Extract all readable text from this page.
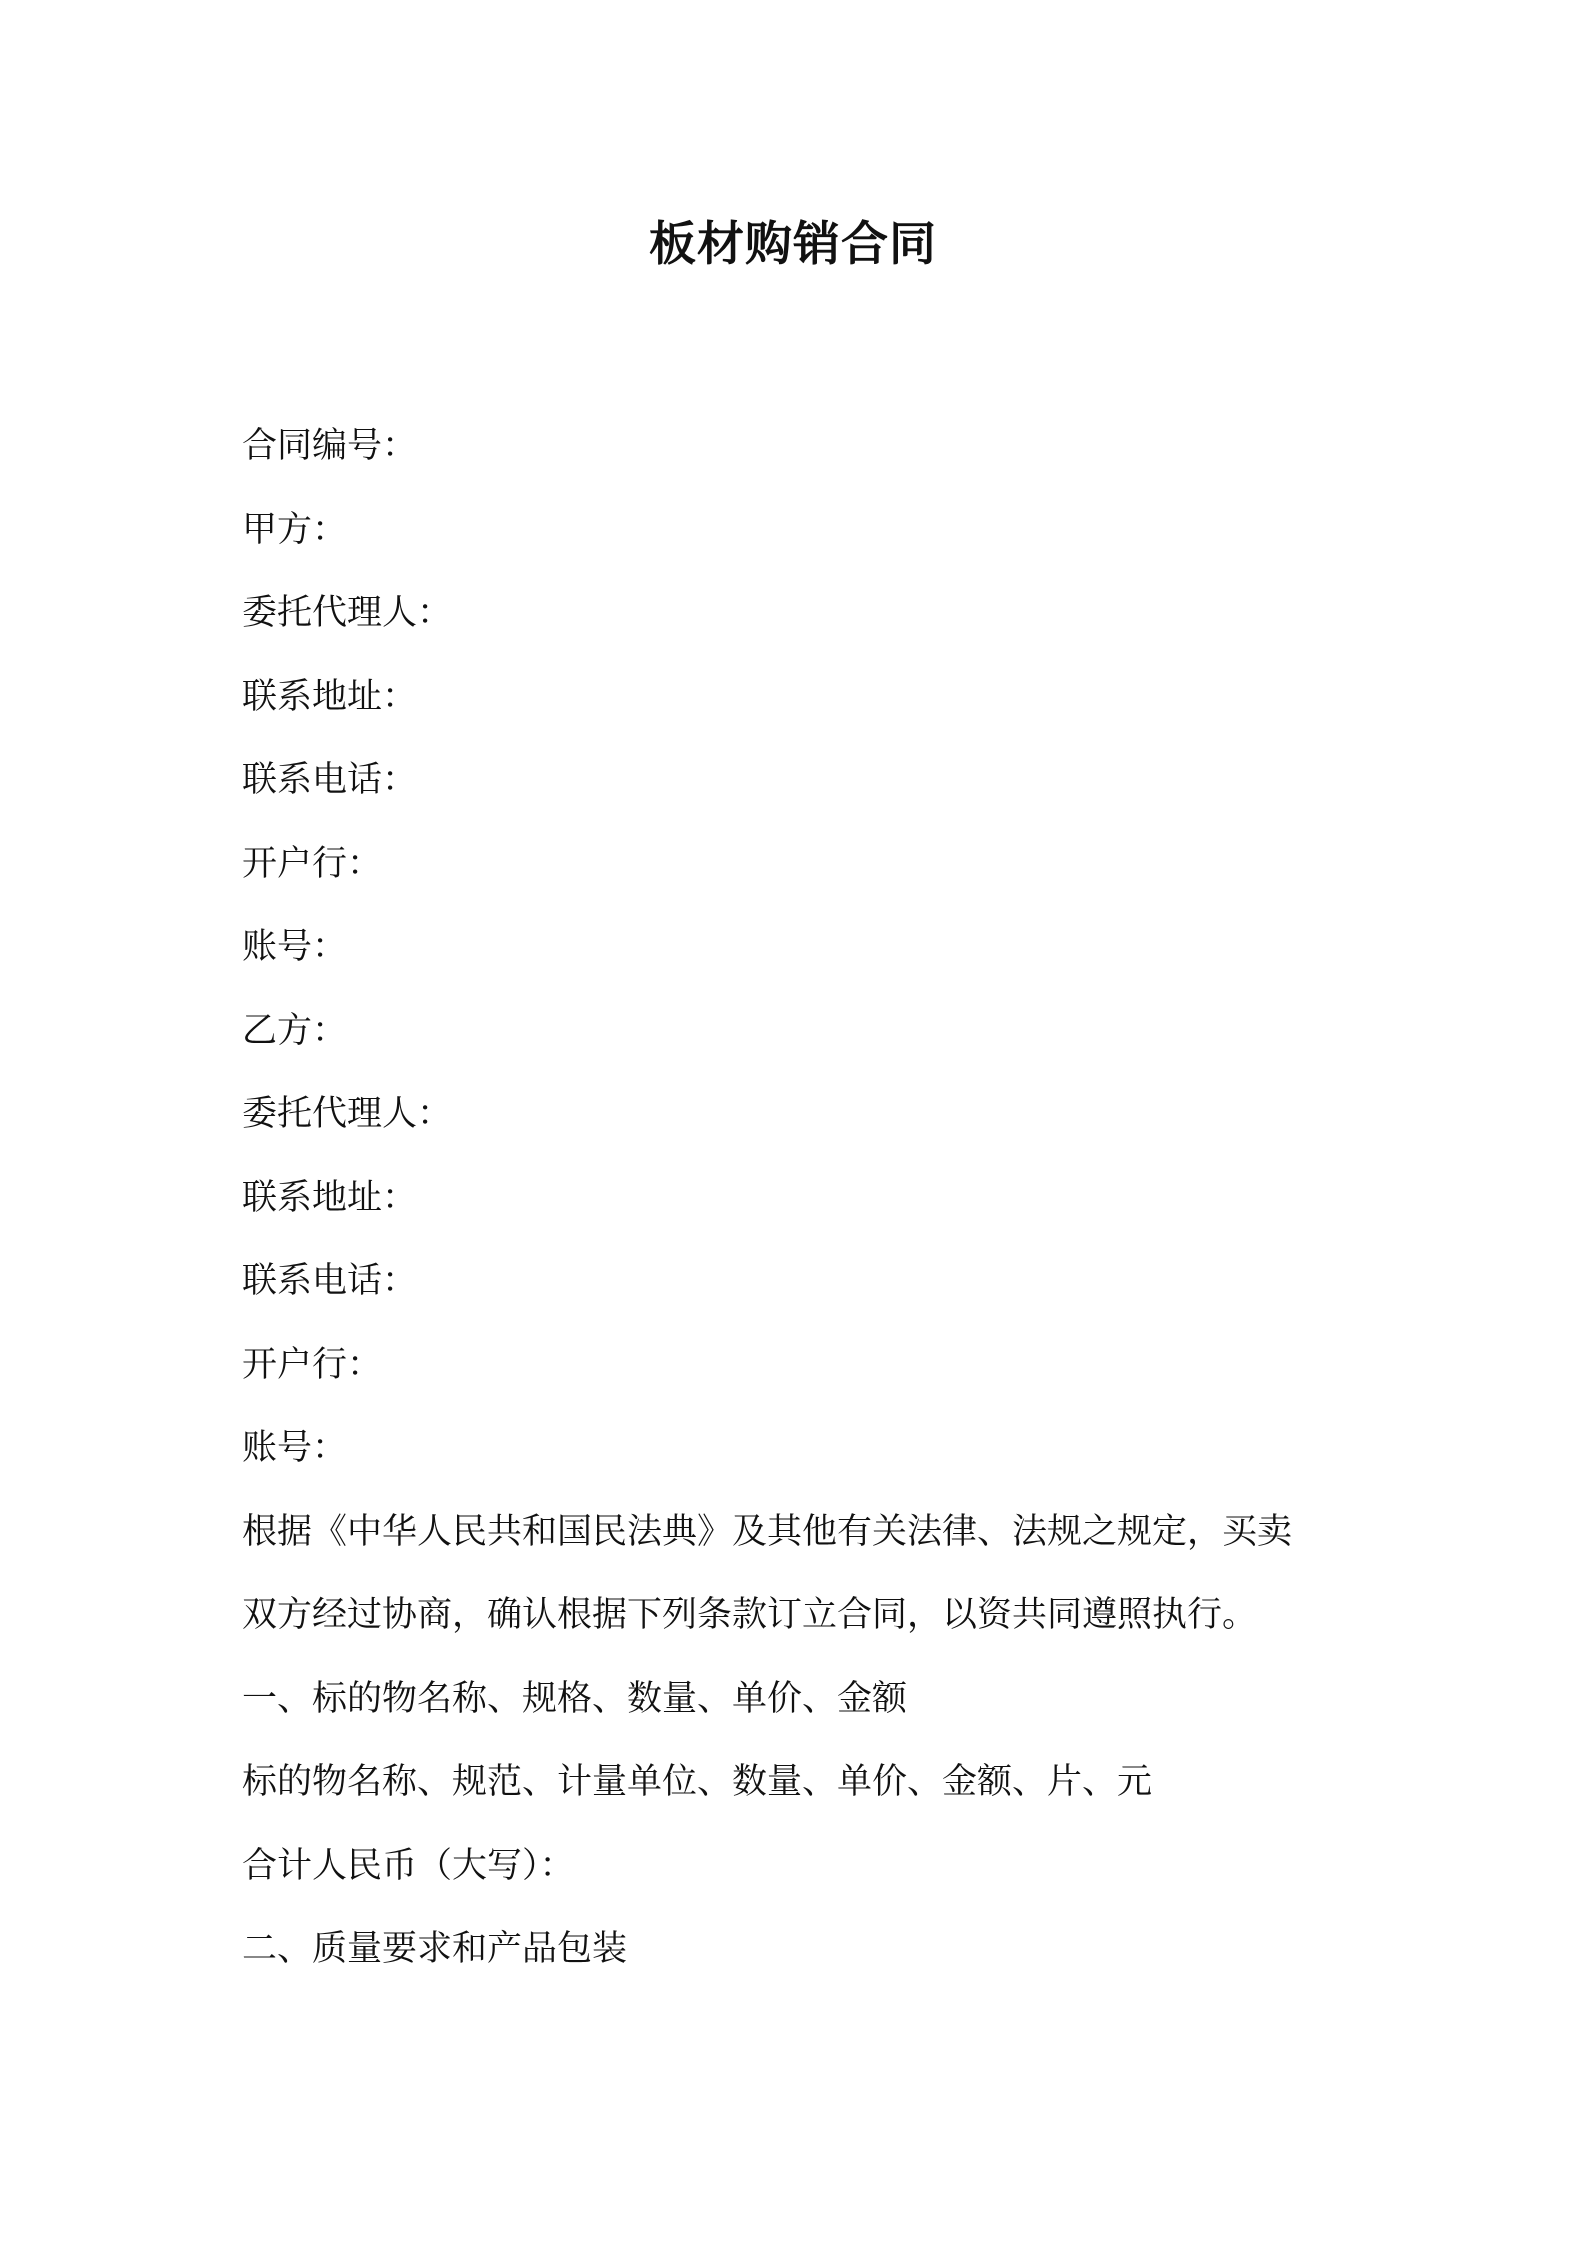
板材购销合同

合同编号：

甲方：

委托代理人：

联系地址：

联系电话：

开户行：

账号：

乙方：

委托代理人：

联系地址：

联系电话：

开户行：

账号：

根据《中华人民共和国民法典》及其他有关法律、法规之规定，买卖

双方经过协商，确认根据下列条款订立合同，以资共同遵照执行。

一、标的物名称、规格、数量、单价、金额

标的物名称、规范、计量单位、数量、单价、金额、片、元

合计人民币（大写）：

二、质量要求和产品包装
